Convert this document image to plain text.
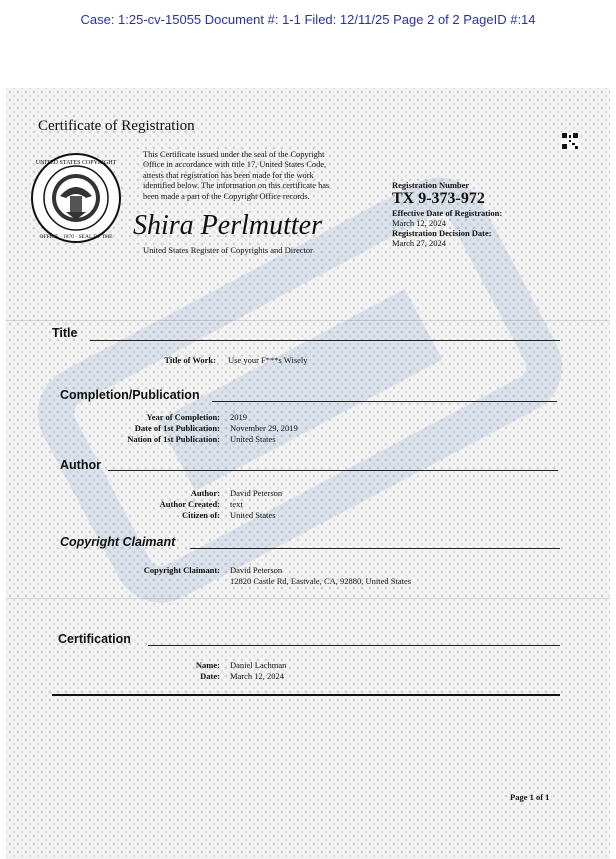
Case: 1:25-cv-15055 Document #: 1-1 Filed: 12/11/25 Page 2 of 2 PageID #:14
Certificate of Registration
UNITED STATES COPYRIGHT
OFFICE · 1870 · SEAL OF THE
This Certificate issued under the seal of the Copyright
Office in accordance with title 17, United States Code,
attests that registration has been made for the work
identified below. The information on this certificate has
been made a part of the Copyright Office records.
Shira Perlmutter
United States Register of Copyrights and Director
Registration Number
TX 9-373-972
Effective Date of Registration:
March 12, 2024
Registration Decision Date:
March 27, 2024
Title
Title of Work: Use your F***s Wisely
Completion/Publication
Year of Completion: 2019
Date of 1st Publication: November 29, 2019
Nation of 1st Publication: United States
Author
Author: David Peterson
Author Created: text
Citizen of: United States
Copyright Claimant
Copyright Claimant: David Peterson
12820 Castle Rd, Eastvale, CA, 92880, United States
Certification
Name: Daniel Lachman
Date: March 12, 2024
Page 1 of 1
